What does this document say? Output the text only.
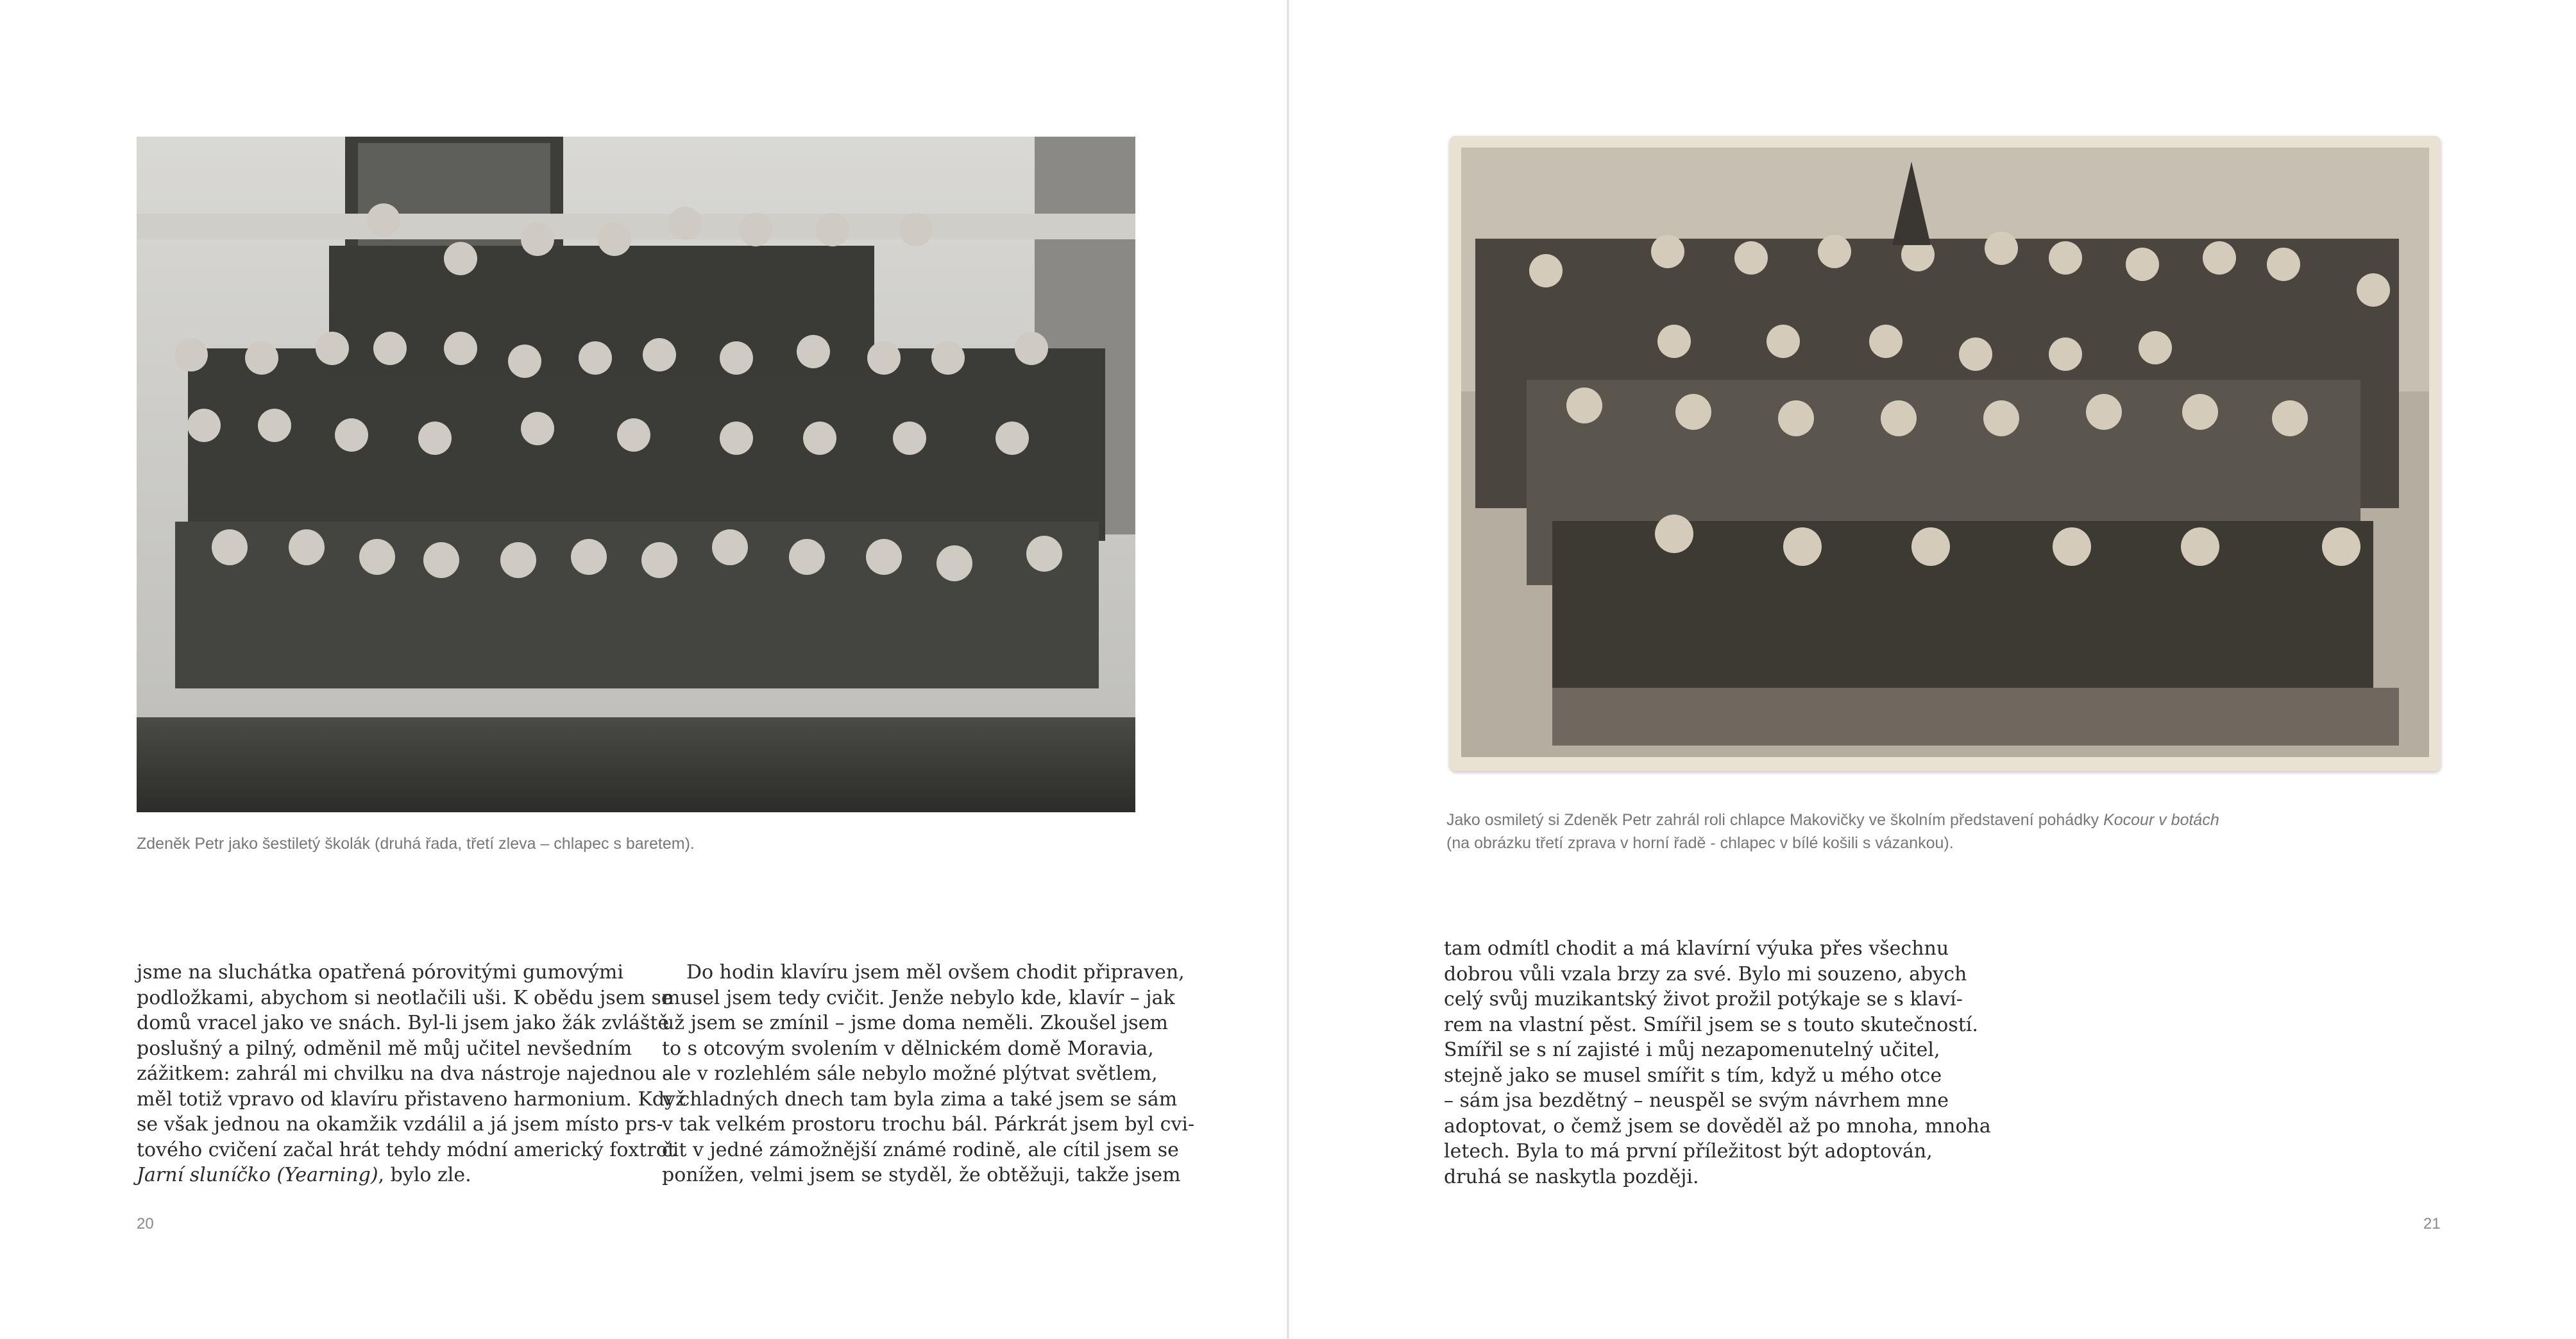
Zdeněk Petr jako šestiletý školák (druhá řada, třetí zleva – chlapec s baretem).

Jako osmiletý si Zdeněk Petr zahrál roli chlapce Makovičky ve školním představení pohádky Kocour v botách
(na obrázku třetí zprava v horní řadě - chlapec v bílé košili s vázankou).

jsme na sluchátka opatřená pórovitými gumovými
podložkami, abychom si neotlačili uši. K obědu jsem se
domů vracel jako ve snách. Byl-li jsem jako žák zvláště
poslušný a pilný, odměnil mě můj učitel nevšedním
zážitkem: zahrál mi chvilku na dva nástroje najednou –
měl totiž vpravo od klavíru přistaveno harmonium. Když
se však jednou na okamžik vzdálil a já jsem místo prs-
tového cvičení začal hrát tehdy módní americký foxtrot
Jarní sluníčko (Yearning), bylo zle.
Do hodin klavíru jsem měl ovšem chodit připraven,
musel jsem tedy cvičit. Jenže nebylo kde, klavír – jak
už jsem se zmínil – jsme doma neměli. Zkoušel jsem
to s otcovým svolením v dělnickém domě Moravia,
ale v rozlehlém sále nebylo možné plýtvat světlem,
v chladných dnech tam byla zima a také jsem se sám
v tak velkém prostoru trochu bál. Párkrát jsem byl cvi-
čit v jedné zámožnější známé rodině, ale cítil jsem se
ponížen, velmi jsem se styděl, že obtěžuji, takže jsem
tam odmítl chodit a má klavírní výuka přes všechnu
dobrou vůli vzala brzy za své. Bylo mi souzeno, abych
celý svůj muzikantský život prožil potýkaje se s klaví-
rem na vlastní pěst. Smířil jsem se s touto skutečností.
Smířil se s ní zajisté i můj nezapomenutelný učitel,
stejně jako se musel smířit s tím, když u mého otce
– sám jsa bezdětný – neuspěl se svým návrhem mne
adoptovat, o čemž jsem se dověděl až po mnoha, mnoha
letech. Byla to má první příležitost být adoptován,
druhá se naskytla později.

20	21
